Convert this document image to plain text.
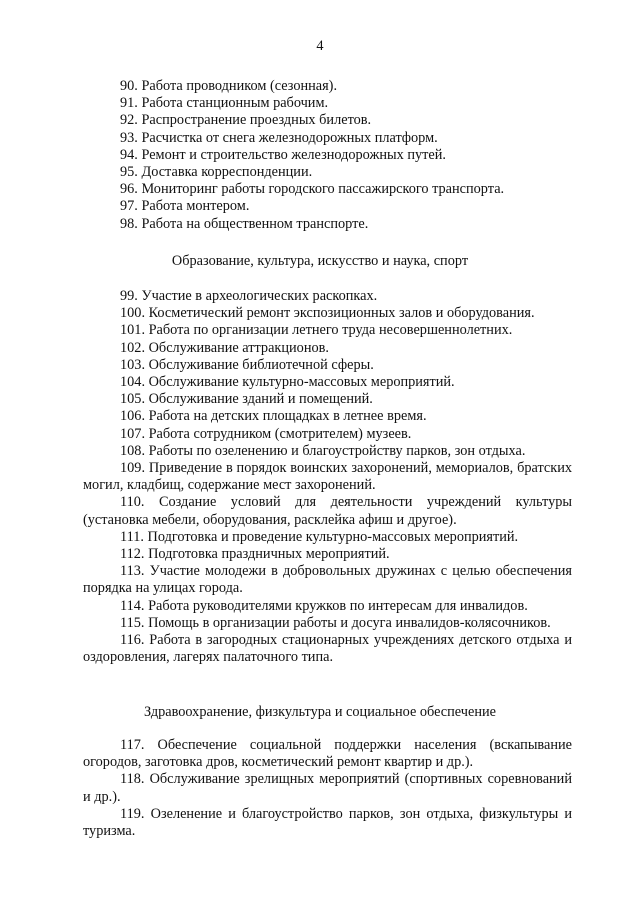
4

90. Работа проводником (сезонная).

91. Работа станционным рабочим.

92. Распространение проездных билетов.

93. Расчистка от снега железнодорожных платформ.

94. Ремонт и строительство железнодорожных путей.

95. Доставка корреспонденции.

96. Мониторинг работы городского пассажирского транспорта.

97. Работа монтером.

98. Работа на общественном транспорте.

Образование, культура, искусство и наука, спорт

99. Участие в археологических раскопках.

100. Косметический ремонт экспозиционных залов и оборудования.

101. Работа по организации летнего труда несовершеннолетних.

102. Обслуживание аттракционов.

103. Обслуживание библиотечной сферы.

104. Обслуживание культурно-массовых мероприятий.

105. Обслуживание зданий и помещений.

106. Работа на детских площадках в летнее время.

107. Работа сотрудником (смотрителем) музеев.

108. Работы по озеленению и благоустройству парков, зон отдыха.

109. Приведение в порядок воинских захоронений, мемориалов, братских могил, кладбищ, содержание мест захоронений.

110. Создание условий для деятельности учреждений культуры (установка мебели, оборудования, расклейка афиш и другое).

111. Подготовка и проведение культурно-массовых мероприятий.

112. Подготовка праздничных мероприятий.

113. Участие молодежи в добровольных дружинах с целью обеспечения порядка на улицах города.

114. Работа руководителями кружков по интересам для инвалидов.

115. Помощь в организации работы и досуга инвалидов-колясочников.

116. Работа в загородных стационарных учреждениях детского отдыха и оздоровления, лагерях палаточного типа.

Здравоохранение, физкультура и социальное обеспечение

117. Обеспечение социальной поддержки населения (вскапывание огородов, заготовка дров, косметический ремонт квартир и др.).

118. Обслуживание зрелищных мероприятий (спортивных соревнований и др.).

119. Озеленение и благоустройство парков, зон отдыха, физкультуры и туризма.
